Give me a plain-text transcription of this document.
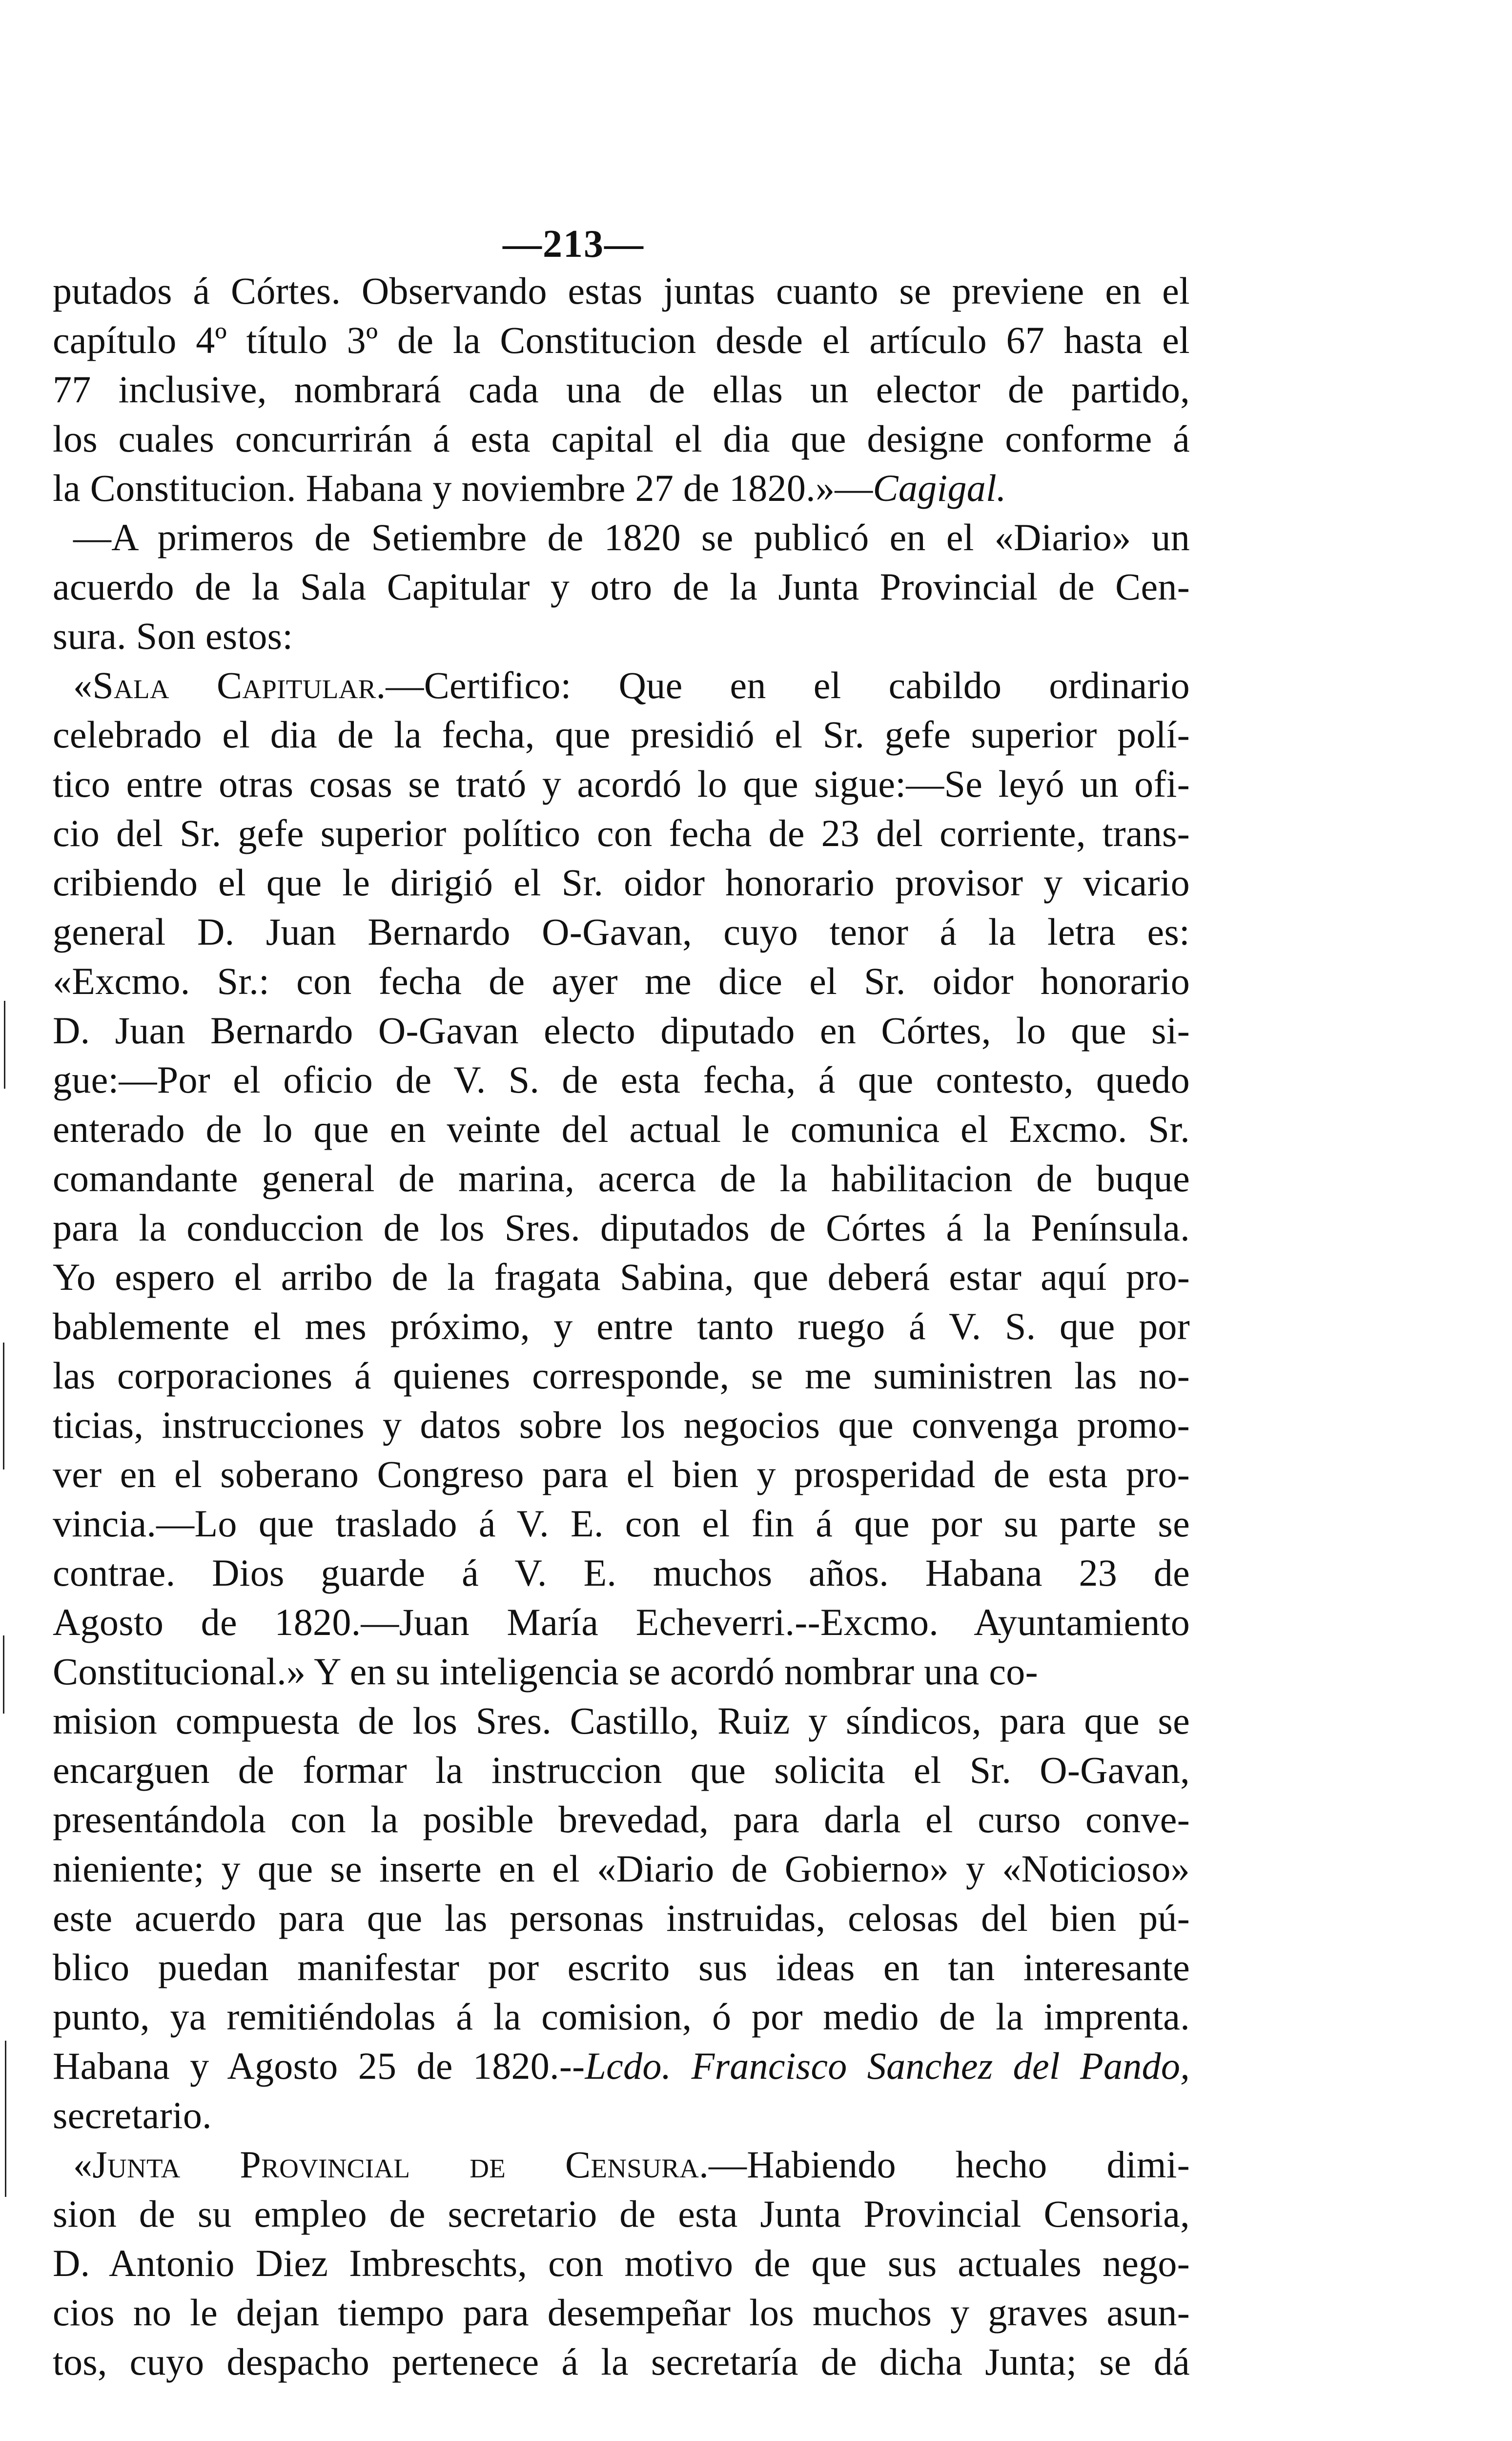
—213—
putados á Córtes. Observando estas juntas cuanto se previene en el
capítulo 4º título 3º de la Constitucion desde el artículo 67 hasta el
77 inclusive, nombrará cada una de ellas un elector de partido,
los cuales concurrirán á esta capital el dia que designe conforme á
la Constitucion. Habana y noviembre 27 de 1820.»—Cagigal.
—A primeros de Setiembre de 1820 se publicó en el «Diario» un
acuerdo de la Sala Capitular y otro de la Junta Provincial de Cen-
sura. Son estos:
«Sala Capitular.—Certifico: Que en el cabildo ordinario
celebrado el dia de la fecha, que presidió el Sr. gefe superior polí-
tico entre otras cosas se trató y acordó lo que sigue:—Se leyó un ofi-
cio del Sr. gefe superior político con fecha de 23 del corriente, trans-
cribiendo el que le dirigió el Sr. oidor honorario provisor y vicario
general D. Juan Bernardo O-Gavan, cuyo tenor á la letra es:
«Excmo. Sr.: con fecha de ayer me dice el Sr. oidor honorario
D. Juan Bernardo O-Gavan electo diputado en Córtes, lo que si-
gue:—Por el oficio de V. S. de esta fecha, á que contesto, quedo
enterado de lo que en veinte del actual le comunica el Excmo. Sr.
comandante general de marina, acerca de la habilitacion de buque
para la conduccion de los Sres. diputados de Córtes á la Península.
Yo espero el arribo de la fragata Sabina, que deberá estar aquí pro-
bablemente el mes próximo, y entre tanto ruego á V. S. que por
las corporaciones á quienes corresponde, se me suministren las no-
ticias, instrucciones y datos sobre los negocios que convenga promo-
ver en el soberano Congreso para el bien y prosperidad de esta pro-
vincia.—Lo que traslado á V. E. con el fin á que por su parte se
contrae. Dios guarde á V. E. muchos años. Habana 23 de
Agosto de 1820.—Juan María Echeverri.--Excmo. Ayuntamiento
Constitucional.» Y en su inteligencia se acordó nombrar una co-
mision compuesta de los Sres. Castillo, Ruiz y síndicos, para que se
encarguen de formar la instruccion que solicita el Sr. O-Gavan,
presentándola con la posible brevedad, para darla el curso conve-
nieniente; y que se inserte en el «Diario de Gobierno» y «Noticioso»
este acuerdo para que las personas instruidas, celosas del bien pú-
blico puedan manifestar por escrito sus ideas en tan interesante
punto, ya remitiéndolas á la comision, ó por medio de la imprenta.
Habana y Agosto 25 de 1820.--Lcdo. Francisco Sanchez del Pando,
secretario.
«Junta Provincial de Censura.—Habiendo hecho dimi-
sion de su empleo de secretario de esta Junta Provincial Censoria,
D. Antonio Diez Imbreschts, con motivo de que sus actuales nego-
cios no le dejan tiempo para desempeñar los muchos y graves asun-
tos, cuyo despacho pertenece á la secretaría de dicha Junta; se dá
